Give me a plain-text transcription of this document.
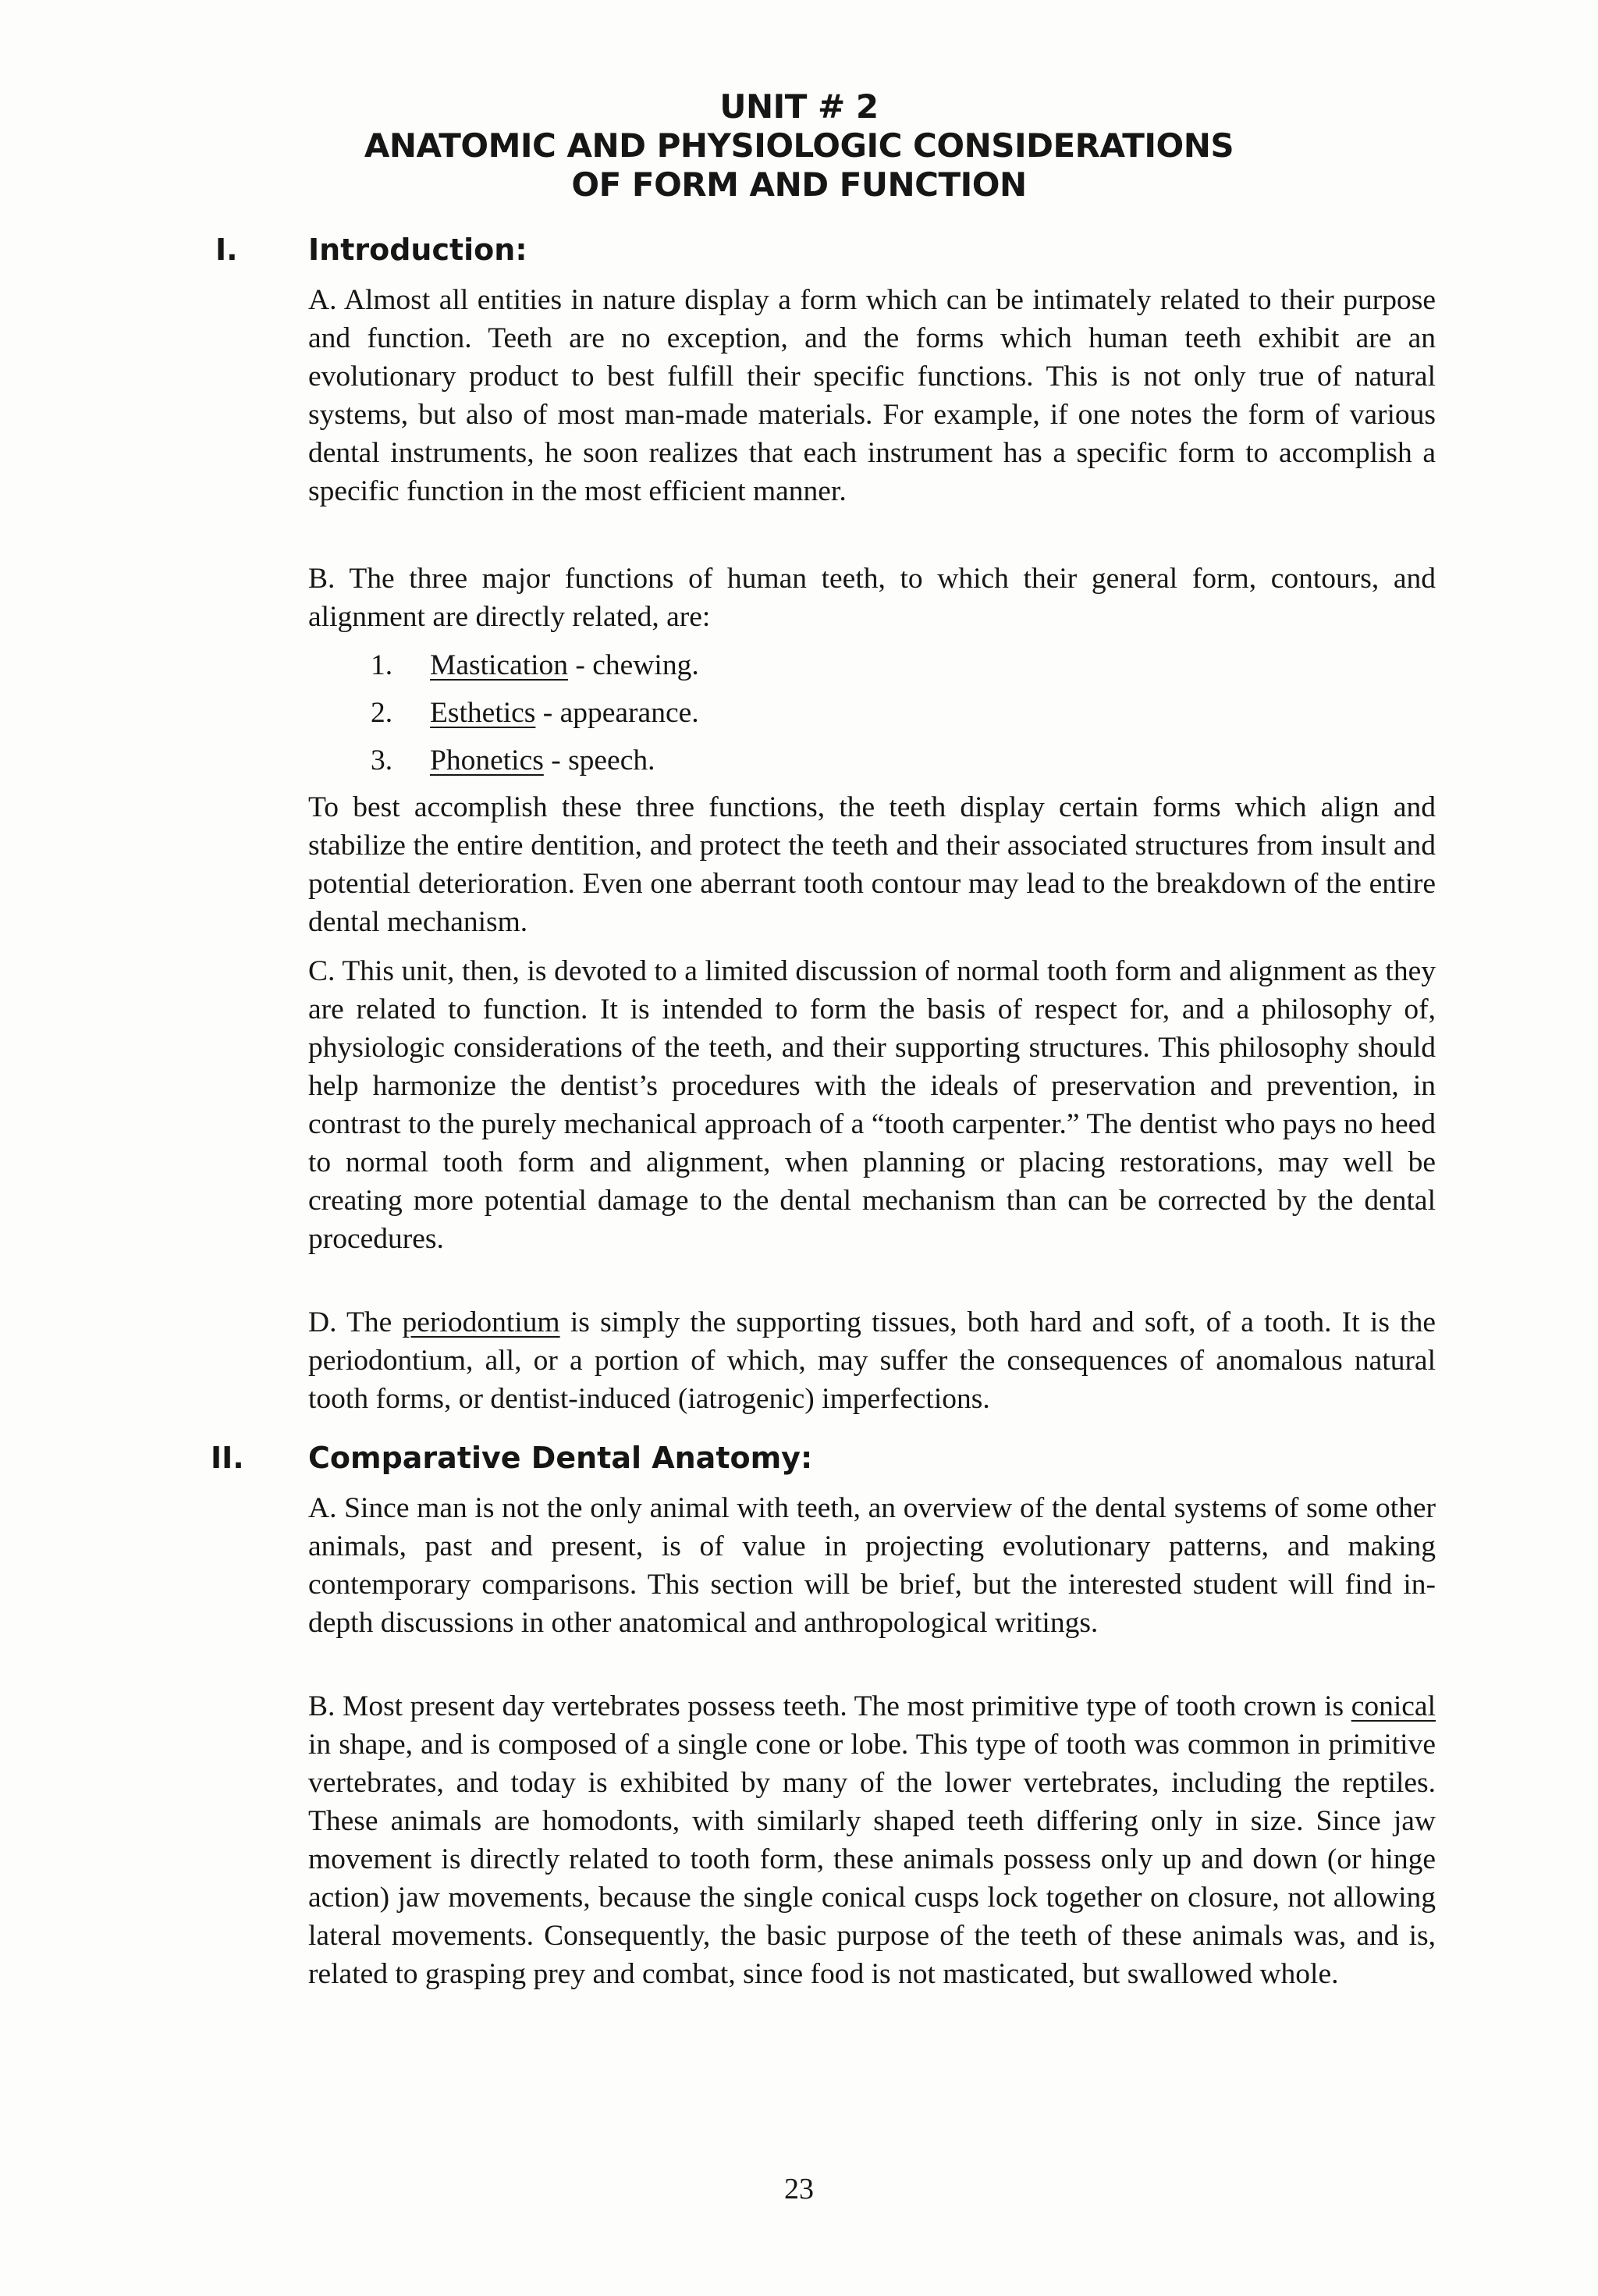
UNIT # 2
ANATOMIC AND PHYSIOLOGIC CONSIDERATIONS
OF FORM AND FUNCTION
I. Introduction:
A. Almost all entities in nature display a form which can be intimately related to their purpose and function. Teeth are no exception, and the forms which human teeth exhibit are an evolutionary product to best fulfill their specific functions. This is not only true of natural systems, but also of most man-made materials. For example, if one notes the form of various dental instruments, he soon realizes that each instrument has a specific form to accomplish a specific function in the most efficient manner.
B. The three major functions of human teeth, to which their general form, contours, and alignment are directly related, are:
1. Mastication - chewing.
2. Esthetics - appearance.
3. Phonetics - speech.
To best accomplish these three functions, the teeth display certain forms which align and stabilize the entire dentition, and protect the teeth and their associated structures from insult and potential deterioration. Even one aberrant tooth contour may lead to the breakdown of the entire dental mechanism.
C. This unit, then, is devoted to a limited discussion of normal tooth form and alignment as they are related to function. It is intended to form the basis of respect for, and a philosophy of, physiologic considerations of the teeth, and their supporting structures. This philosophy should help harmonize the dentist’s procedures with the ideals of preservation and prevention, in contrast to the purely mechanical approach of a “tooth carpenter.” The dentist who pays no heed to normal tooth form and alignment, when planning or placing restorations, may well be creating more potential damage to the dental mechanism than can be corrected by the dental procedures.
D. The periodontium is simply the supporting tissues, both hard and soft, of a tooth. It is the periodontium, all, or a portion of which, may suffer the consequences of anomalous natural tooth forms, or dentist-induced (iatrogenic) imperfections.
II. Comparative Dental Anatomy:
A. Since man is not the only animal with teeth, an overview of the dental systems of some other animals, past and present, is of value in projecting evolutionary patterns, and making contemporary comparisons. This section will be brief, but the interested student will find in-depth discussions in other anatomical and anthropological writings.
B. Most present day vertebrates possess teeth. The most primitive type of tooth crown is conical in shape, and is composed of a single cone or lobe. This type of tooth was common in primitive vertebrates, and today is exhibited by many of the lower vertebrates, including the reptiles. These animals are homodonts, with similarly shaped teeth differing only in size. Since jaw movement is directly related to tooth form, these animals possess only up and down (or hinge action) jaw movements, because the single conical cusps lock together on closure, not allowing lateral movements. Consequently, the basic purpose of the teeth of these animals was, and is, related to grasping prey and combat, since food is not masticated, but swallowed whole.
23
